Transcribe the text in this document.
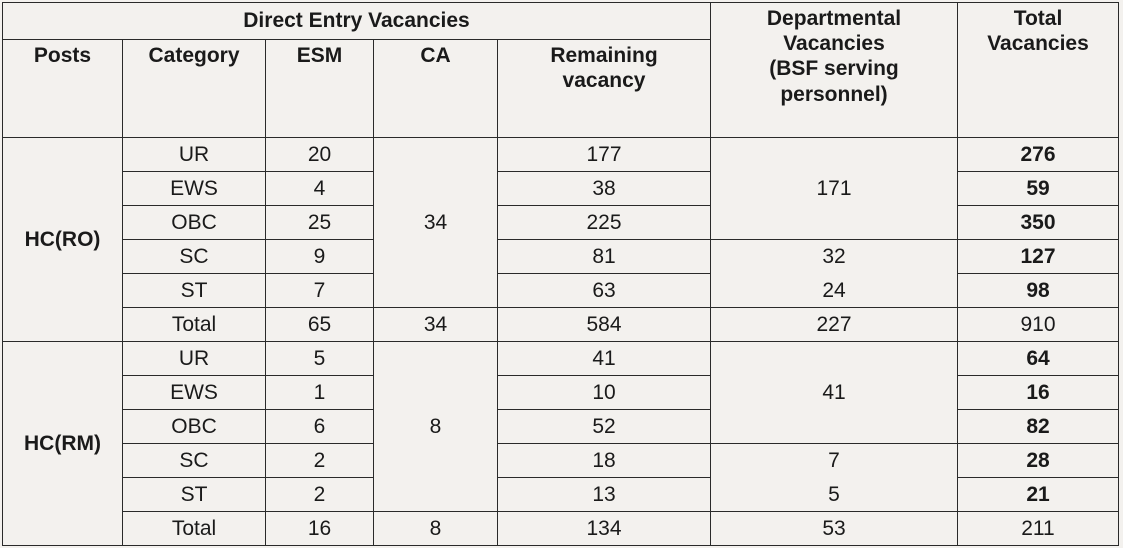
Direct Entry Vacancies					Departmental
Vacancies
(BSF serving
personnel)	Total
Vacancies
Posts	Category	ESM	CA	Remaining
vacancy		
HC(RO)	UR	20	34	177	171	276
	EWS	4		38		59
	OBC	25		225		350
	SC	9		81	32	127
	ST	7		63	24	98
	Total	65	34	584	227	910
HC(RM)	UR	5	8	41	41	64
	EWS	1		10		16
	OBC	6		52		82
	SC	2		18	7	28
	ST	2		13	5	21
	Total	16	8	134	53	211
